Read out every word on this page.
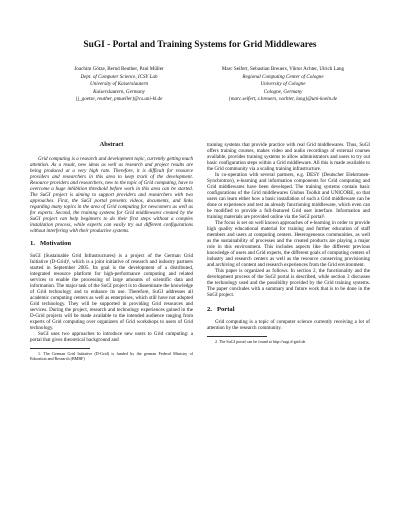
SuGI - Portal and Training Systems for Grid Middlewares
Joachim Götze, Bernd Reuther, Paul Müller
Dept. of Computer Science, ICSY Lab
University of Kaiserslautern
Kaiserslautern, Germany
{j_goetze, reuther, pmueller}@cs.uni-kl.de
Marc Seifert, Sebastian Breuers, Viktor Achter, Ulrich Lang
Regional Computing Center of Cologne
University of Cologne
Cologne, Germany
{marc.seifert, s.breuers, vachter, lang}@uni-koeln.de
Abstract

Grid computing is a research and development topic, currently getting much attention. As a result, new ideas as well as research and project results are being produced at a very high rate. Therefore, it is difficult for resource providers and researchers in this area to keep track of the development. Resource providers and researchers, new to the topic of Grid computing, have to overcome a huge inhibition threshold before work in this area can be started. The SuGI project is aiming to support providers and researchers with two approaches. First, the SuGI portal presents videos, documents, and links regarding many topics in the area of Grid computing for newcomers as well as for experts. Second, the training systems for Grid middlewares created by the SuGI project can help beginners to do their first steps without a complex installation process, while experts can easily try out different configurations without interfering with their productive systems.

1. Motivation

SuGI (Sustainable Grid Infrastructures) is a project of the German Grid Initiative (D-Grid)¹, which is a joint initiative of research and industry partners started in September 2005. Its goal is the development of a distributed, integrated resource platform for high-performance computing and related services to enable the processing of large amounts of scientific data and information. The major task of the SuGI project is to disseminate the knowledge of Grid technology and to enhance its use. Therefore, SuGI addresses all academic computing centers as well as enterprises, which still have not adopted Grid technology. They will be supported in providing Grid resources and services. During the project, research and technology experiences gained in the D-Grid projects will be made available to the intended audience ranging from experts of Grid computing over organizers of Grid workshops to users of Grid technology.

SuGI uses two approaches to introduce new users to Grid computing: a portal that gives theoretical background and

1. The German Grid Initiative (D-Grid) is funded by the german Federal Ministry of Education and Research (BMBF)

training systems that provide practice with real Grid middlewares. Thus, SuGI offers training courses, makes video and audio recordings of external courses available, provides training systems to allow administrators and users to try out basic configuration steps within a Grid middleware. All this is made available to the Grid community via a scaling training infrastructure.

In co-operation with several partners, e.g. DESY (Deutscher Elektronen-Synchrotron), e-learning and information components for Grid computing and Grid middlewares have been developed. The training systems contain basic configurations of the Grid middlewares Globus Toolkit and UNICORE, so that users can learn either how a basic installation of such a Grid middleware can be done or experience and test an already functioning middleware, which even can be modified to provide a full-featured Grid user interface. Information and training materials are provided online via the SuGI portal².

The focus is set on well known approaches of e-learning in order to provide high quality educational material for training and further education of staff members and users at computing centers. Heterogeneous communities, as well as the sustainability of processes and the created products are playing a major role in this environment. This includes aspects like the different previous knowledge of users and Grid experts, the different goals of computing centers of industry and research centers as well as the resource conserving provisioning and archiving of content and research experiences from the Grid environment.

This paper is organized as follows. In section 2, the functionality and the development process of the SuGI portal is described, while section 3 discusses the technology used and the possibility provided by the Grid training systems. The paper concludes with a summary and future work that is to be done in the SuGI project.

2. Portal

Grid computing is a topic of computer science currently receiving a lot of attention by the research community.

2. The SuGI portal can be found at http://sugi.d-grid.de
